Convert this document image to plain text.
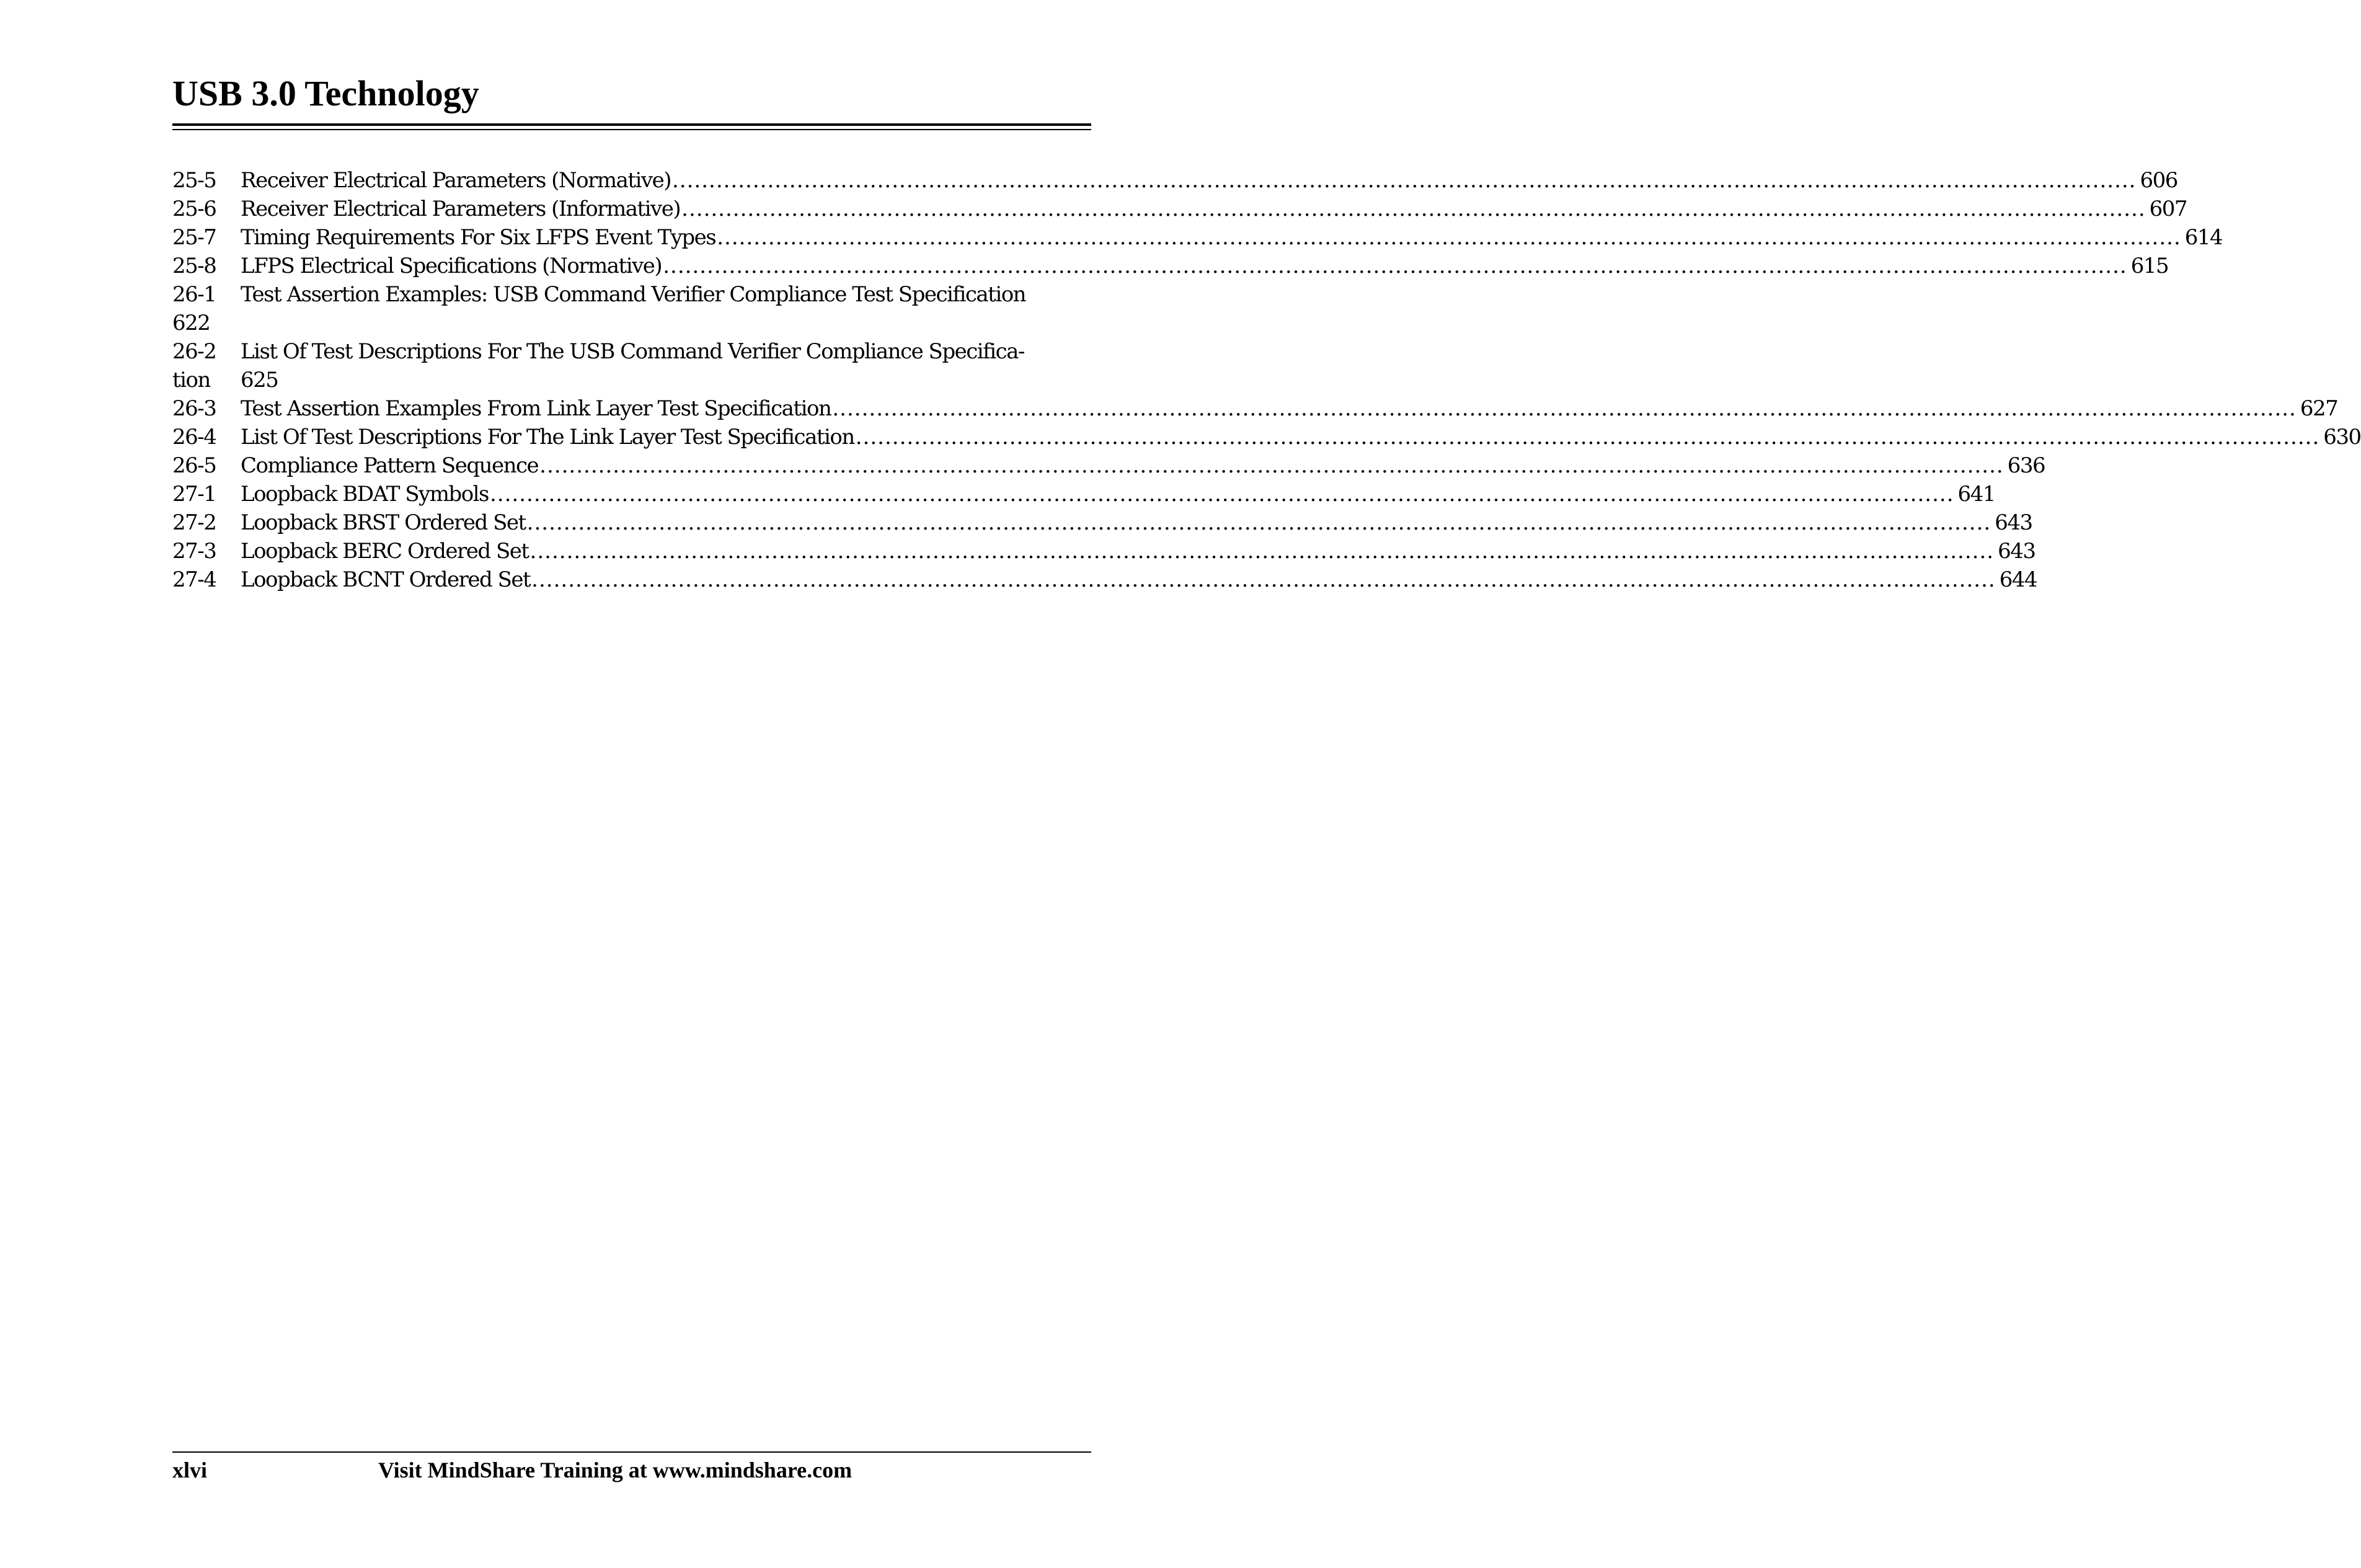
USB 3.0 Technology
25-5	Receiver Electrical Parameters (Normative) ........................................................................................................................................................................................................ 606
25-6	Receiver Electrical Parameters (Informative) ........................................................................................................................................................................................................ 607
25-7	Timing Requirements For Six LFPS Event Types ........................................................................................................................................................................................................ 614
25-8	LFPS Electrical Specifications (Normative) ........................................................................................................................................................................................................ 615
26-1	Test Assertion Examples: USB Command Verifier Compliance Test Specification
622
26-2	List Of Test Descriptions For The USB Command Verifier Compliance Specifica-
tion	625
26-3	Test Assertion Examples From Link Layer Test Specification ........................................................................................................................................................................................................ 627
26-4	List Of Test Descriptions For The Link Layer Test Specification ........................................................................................................................................................................................................ 630
26-5	Compliance Pattern Sequence ........................................................................................................................................................................................................ 636
27-1	Loopback BDAT Symbols ........................................................................................................................................................................................................ 641
27-2	Loopback BRST Ordered Set ........................................................................................................................................................................................................ 643
27-3	Loopback BERC Ordered Set ........................................................................................................................................................................................................ 643
27-4	Loopback BCNT Ordered Set ........................................................................................................................................................................................................ 644
xlvi	Visit MindShare Training at www.mindshare.com
